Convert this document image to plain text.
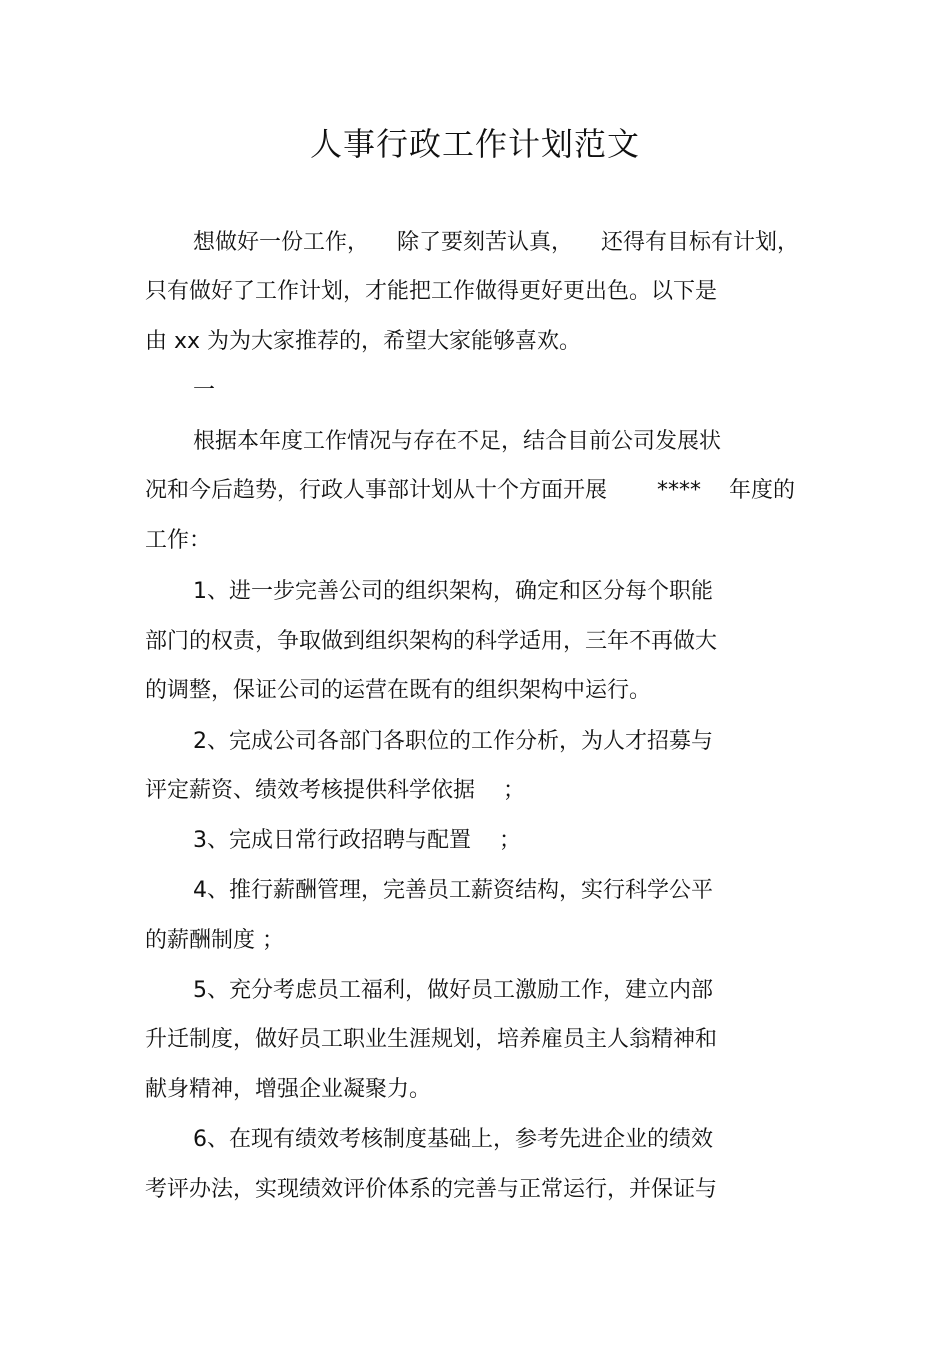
人事行政工作计划范文
想做好一份工作， 除了要刻苦认真， 还得有目标有计划，
只有做好了工作计划，才能把工作做得更好更出色。以下是
由 xx 为为大家推荐的，希望大家能够喜欢。
一
根据本年度工作情况与存在不足，结合目前公司发展状
况和今后趋势，行政人事部计划从十个方面开展 **** 年度的
工作：
1、进一步完善公司的组织架构，确定和区分每个职能
部门的权责，争取做到组织架构的科学适用，三年不再做大
的调整，保证公司的运营在既有的组织架构中运行。
2、完成公司各部门各职位的工作分析，为人才招募与
评定薪资、绩效考核提供科学依据 ；
3、完成日常行政招聘与配置 ；
4、推行薪酬管理，完善员工薪资结构，实行科学公平
的薪酬制度 ；
5、充分考虑员工福利，做好员工激励工作，建立内部
升迁制度，做好员工职业生涯规划，培养雇员主人翁精神和
献身精神，增强企业凝聚力。
6、在现有绩效考核制度基础上，参考先进企业的绩效
考评办法，实现绩效评价体系的完善与正常运行，并保证与
